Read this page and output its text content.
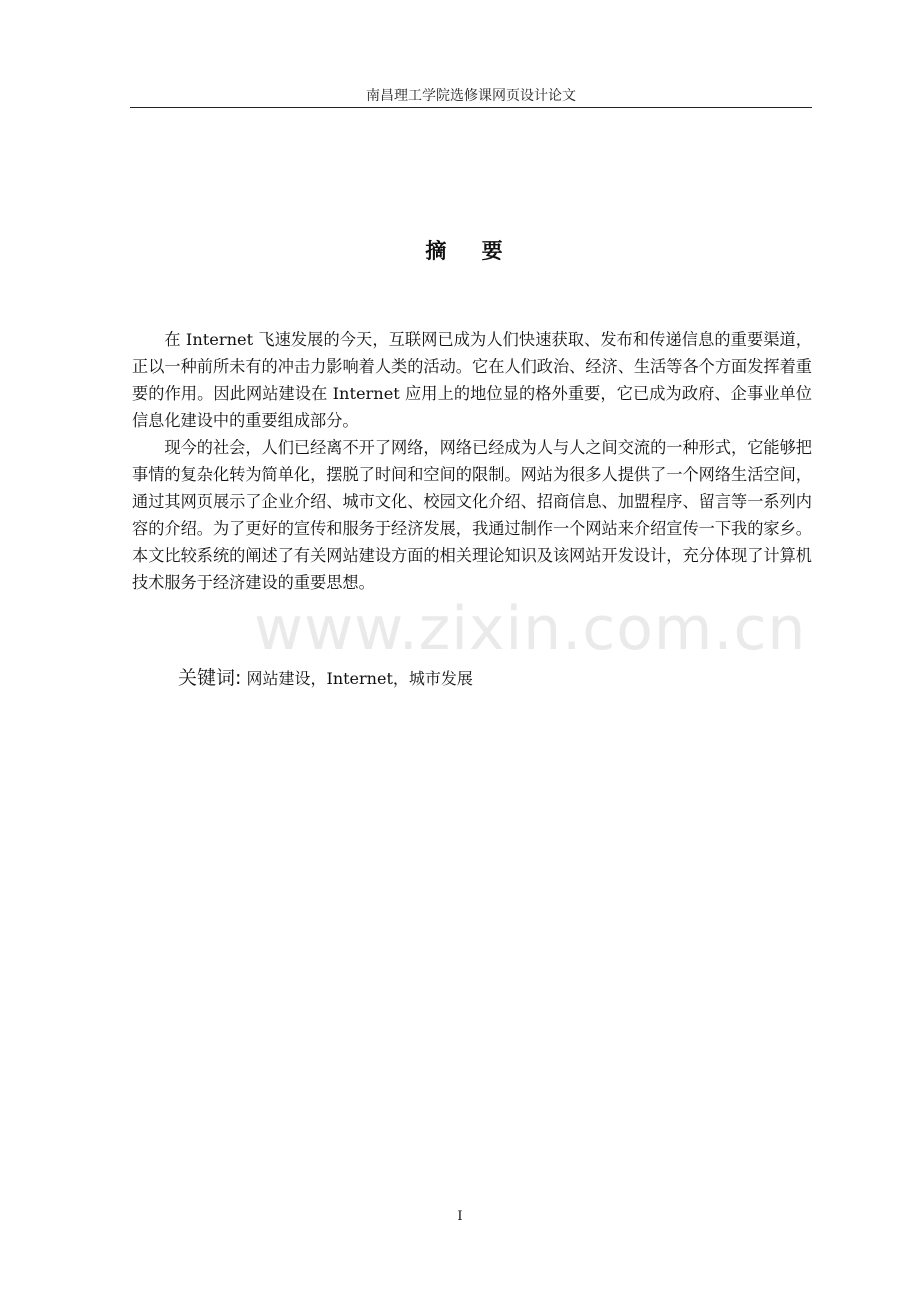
南昌理工学院选修课网页设计论文
摘 要
www.zixin.com.cn

在 Internet 飞速发展的今天，互联网已成为人们快速获取、发布和传递信息的重要渠道，正以一种前所未有的冲击力影响着人类的活动。它在人们政治、经济、生活等各个方面发挥着重要的作用。因此网站建设在 Internet 应用上的地位显的格外重要，它已成为政府、企事业单位信息化建设中的重要组成部分。

现今的社会，人们已经离不开了网络，网络已经成为人与人之间交流的一种形式，它能够把事情的复杂化转为简单化，摆脱了时间和空间的限制。网站为很多人提供了一个网络生活空间，通过其网页展示了企业介绍、城市文化、校园文化介绍、招商信息、加盟程序、留言等一系列内容的介绍。为了更好的宣传和服务于经济发展，我通过制作一个网站来介绍宣传一下我的家乡。本文比较系统的阐述了有关网站建设方面的相关理论知识及该网站开发设计，充分体现了计算机技术服务于经济建设的重要思想。

关键词: 网站建设，Internet，城市发展
I
